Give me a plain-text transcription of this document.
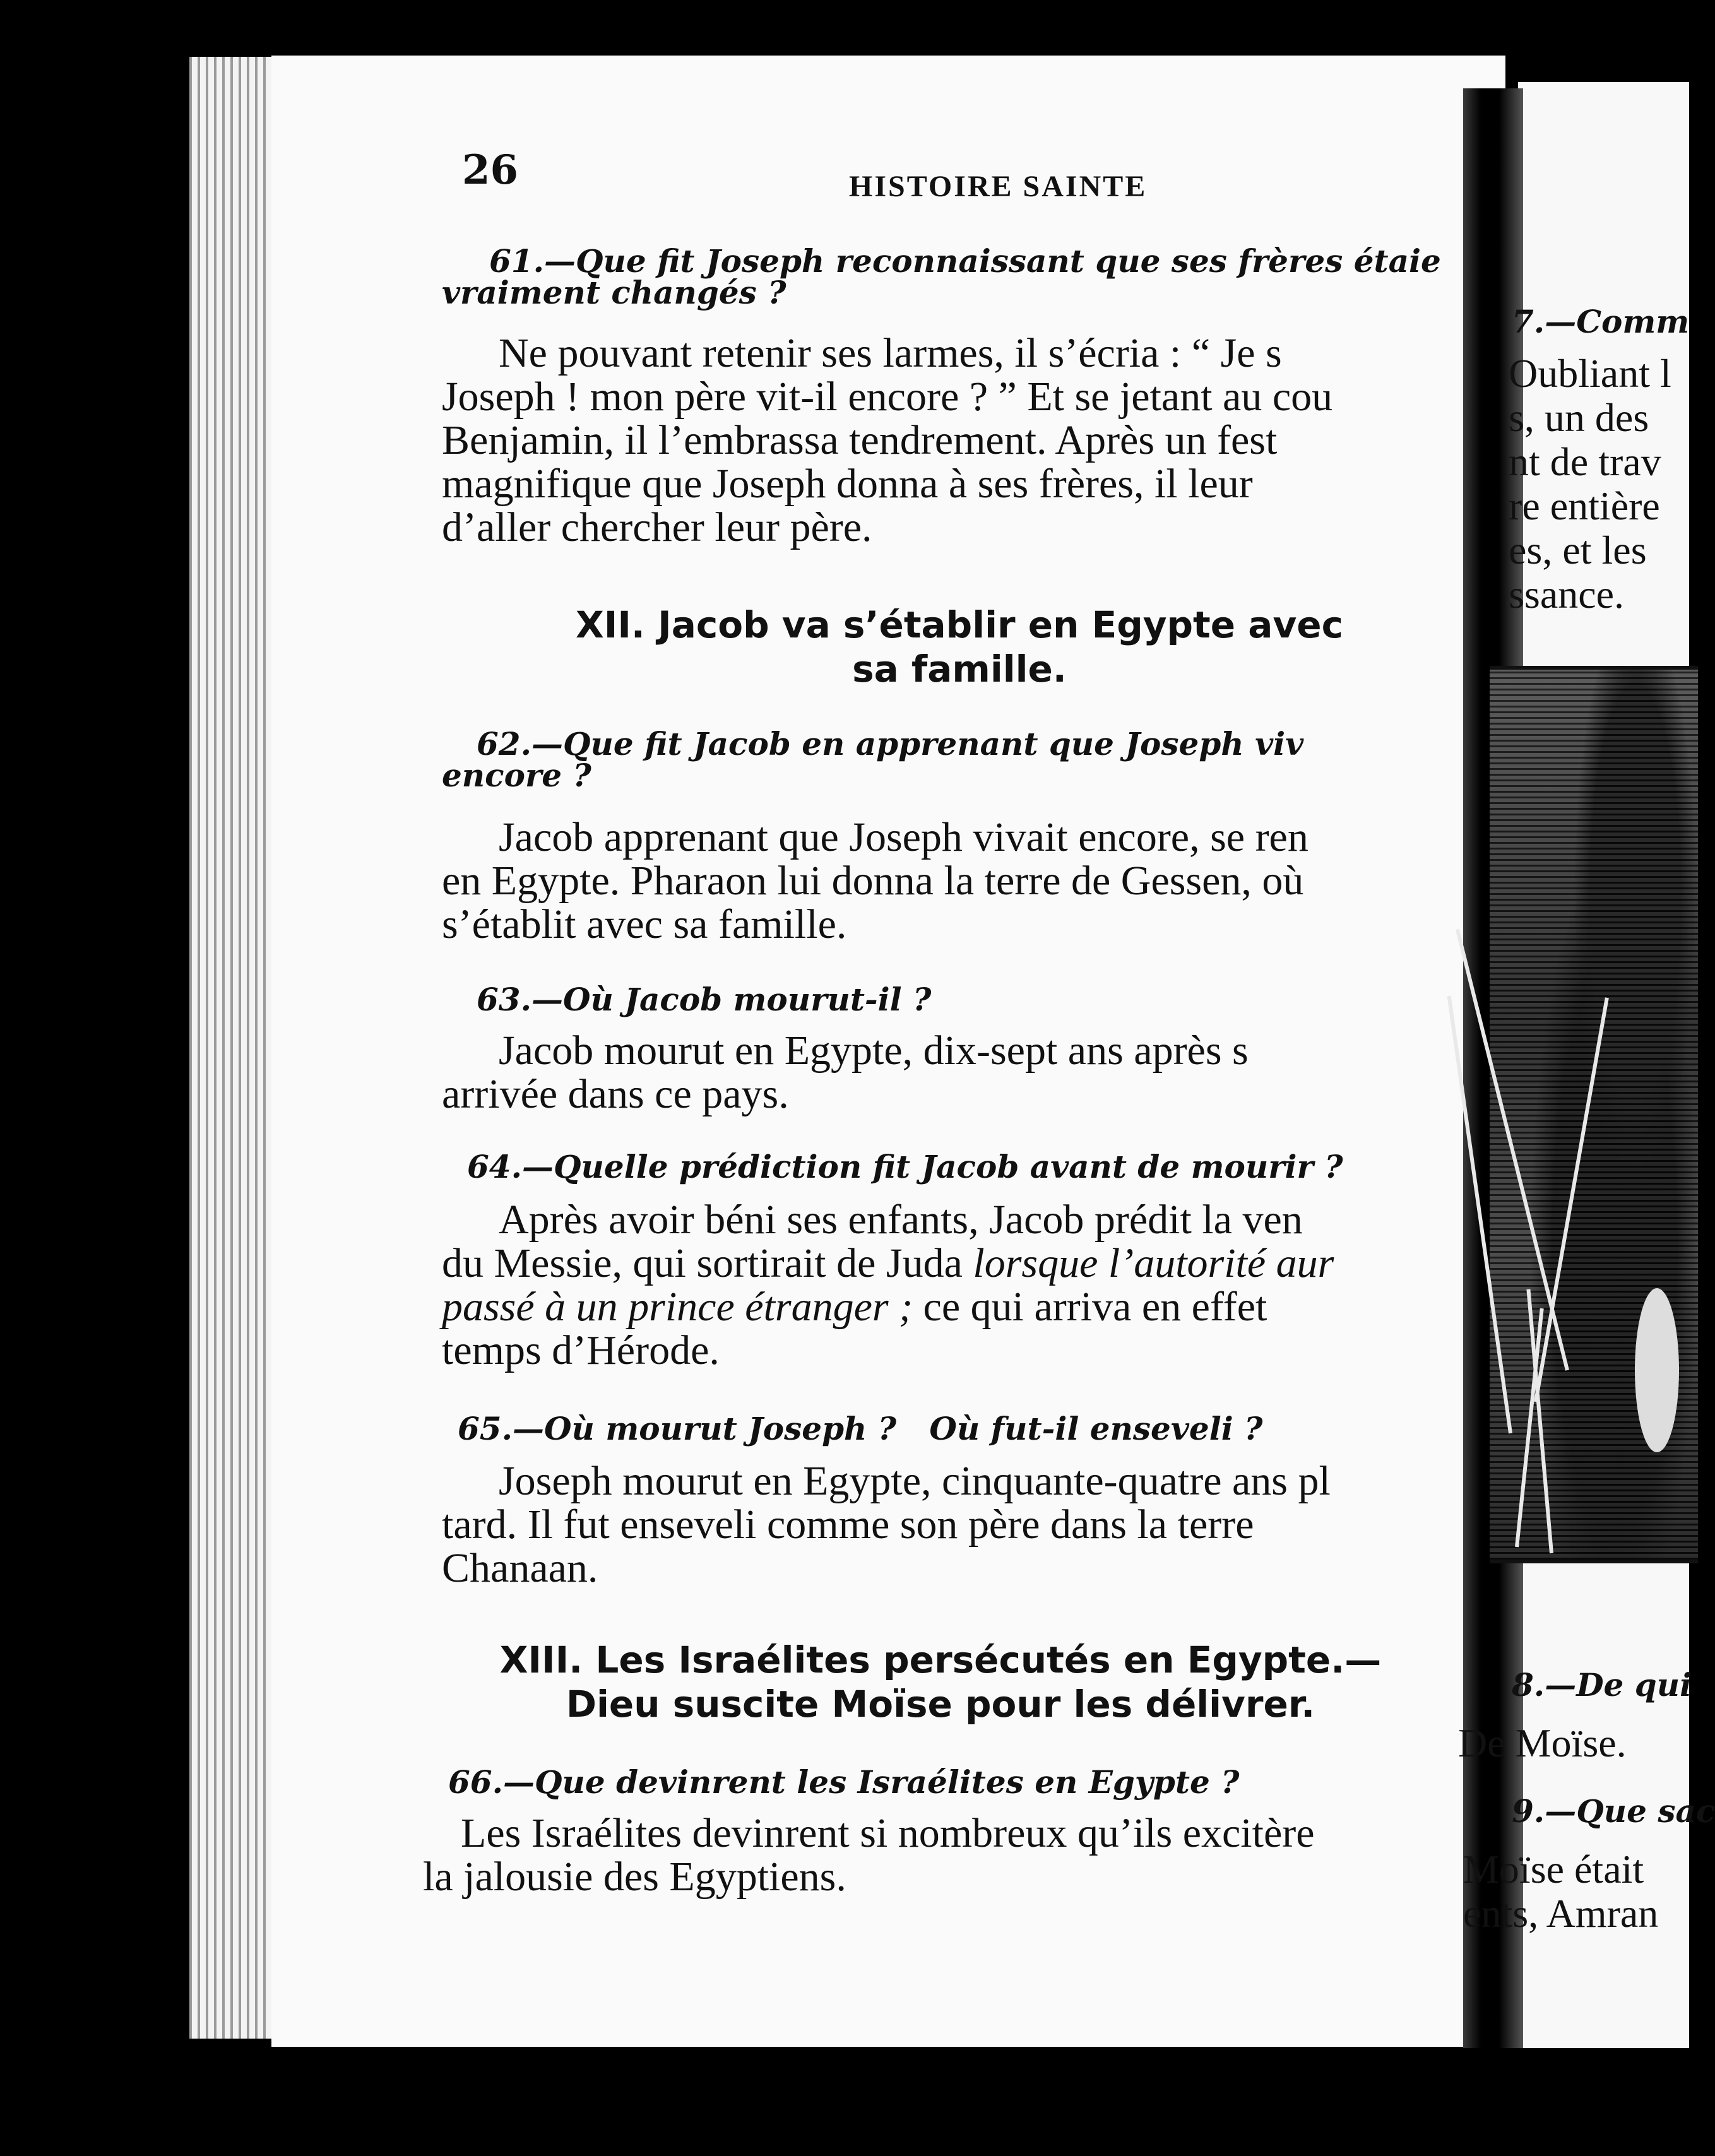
26	HISTOIRE SAINTE
61.—Que fit Joseph reconnaissant que ses frères étaie
vraiment changés ?
Ne pouvant retenir ses larmes, il s’écria : “ Je s
Joseph ! mon père vit-il encore ? ” Et se jetant au cou
Benjamin, il l’embrassa tendrement. Après un fest
magnifique que Joseph donna à ses frères, il leur
d’aller chercher leur père.
XII. Jacob va s’établir en Egypte avec
sa famille.
62.—Que fit Jacob en apprenant que Joseph viv
encore ?
Jacob apprenant que Joseph vivait encore, se ren
en Egypte. Pharaon lui donna la terre de Gessen, où
s’établit avec sa famille.
63.—Où Jacob mourut-il ?
Jacob mourut en Egypte, dix-sept ans après s
arrivée dans ce pays.
64.—Quelle prédiction fit Jacob avant de mourir ?
Après avoir béni ses enfants, Jacob prédit la ven
du Messie, qui sortirait de Juda lorsque l’autorité aur
passé à un prince étranger ; ce qui arriva en effet
temps d’Hérode.
65.—Où mourut Joseph ?   Où fut-il enseveli ?
Joseph mourut en Egypte, cinquante-quatre ans pl
tard. Il fut enseveli comme son père dans la terre
Chanaan.
XIII. Les Israélites persécutés en Egypte.—
Dieu suscite Moïse pour les délivrer.
66.—Que devinrent les Israélites en Egypte ?
Les Israélites devinrent si nombreux qu’ils excitère
la jalousie des Egyptiens.
7.—Comm
Oubliant l
s, un des
nt de trav
re entière
es, et les
ssance.
8.—De qui
De Moïse.
9.—Que sac
Moïse était
ents, Amran
